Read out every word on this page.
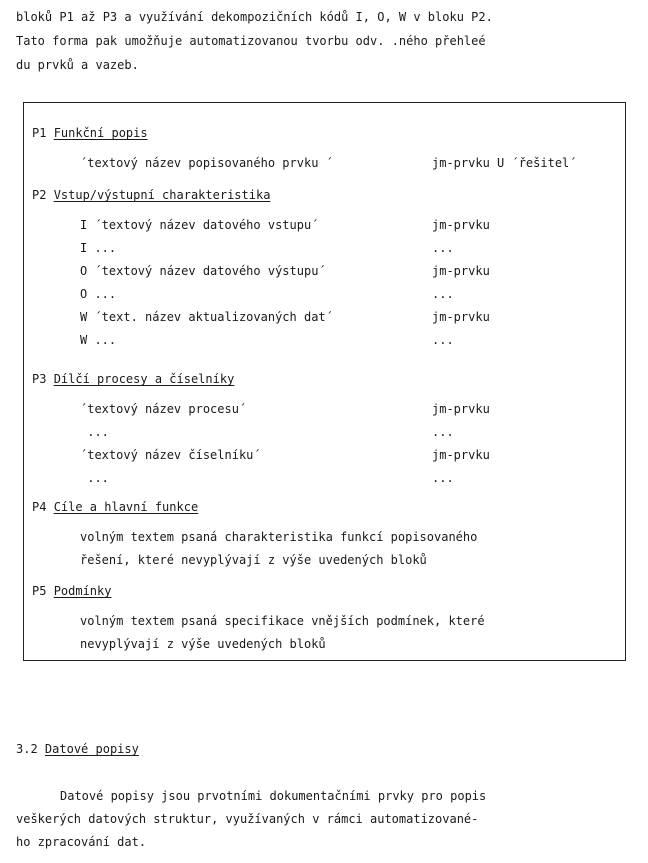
bloků P1 až P3 a využívání dekompozičních kódů I, O, W v bloku P2.
Tato forma pak umožňuje automatizovanou tvorbu odv. .ného přehleé
du prvků a vazeb.
P1 Funkční popis
´textový název popisovaného prvku ´	jm-prvku U ´řešitel´
P2 Vstup/výstupní charakteristika
I ´textový název datového vstupu´	jm-prvku
I ...	...
O ´textový název datového výstupu´	jm-prvku
O ...	...
W ´text. název aktualizovaných dat´	jm-prvku
W ...	...
P3 Dílčí procesy a číselníky
´textový název procesu´	jm-prvku
...	...
´textový název číselníku´	jm-prvku
...	...
P4 Cíle a hlavní funkce
volným textem psaná charakteristika funkcí popisovaného
řešení, které nevyplývají z výše uvedených bloků
P5 Podmínky
volným textem psaná specifikace vnějších podmínek, které
nevyplývají z výše uvedených bloků
3.2 Datové popisy
Datové popisy jsou prvotními dokumentačními prvky pro popis
veškerých datových struktur, využívaných v rámci automatizované-
ho zpracování dat.
